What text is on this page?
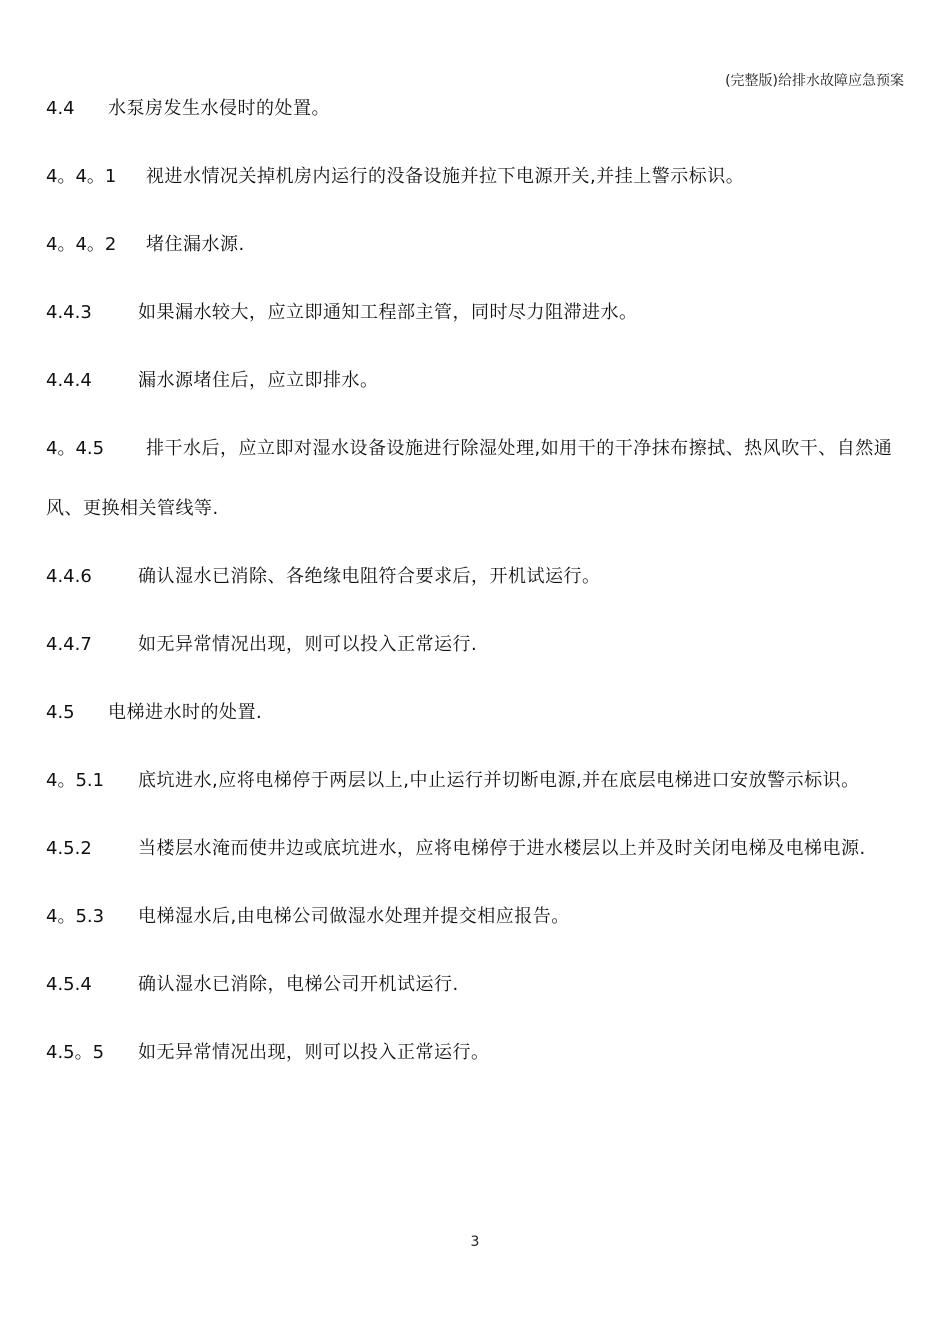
(完整版)给排水故障应急预案

4.4 水泵房发生水侵时的处置。

4。4。1 视进水情况关掉机房内运行的没备设施并拉下电源开关,并挂上警示标识。

4。4。2 堵住漏水源.

4.4.3	如果漏水较大，应立即通知工程部主管，同时尽力阻滞进水。

4.4.4	漏水源堵住后，应立即排水。

4。4.5 排干水后，应立即对湿水设备设施进行除湿处理,如用干的干净抹布擦拭、热风吹干、自然通风、更换相关管线等.

4.4.6	确认湿水已消除、各绝缘电阻符合要求后，开机试运行。

4.4.7	如无异常情况出现，则可以投入正常运行.

4.5 电梯进水时的处置.

4。5.1 底坑进水,应将电梯停于两层以上,中止运行并切断电源,并在底层电梯进口安放警示标识。

4.5.2	当楼层水淹而使井边或底坑进水，应将电梯停于进水楼层以上并及时关闭电梯及电梯电源.

4。5.3 电梯湿水后,由电梯公司做湿水处理并提交相应报告。

4.5.4	确认湿水已消除，电梯公司开机试运行.

4.5。5 如无异常情况出现，则可以投入正常运行。

3
